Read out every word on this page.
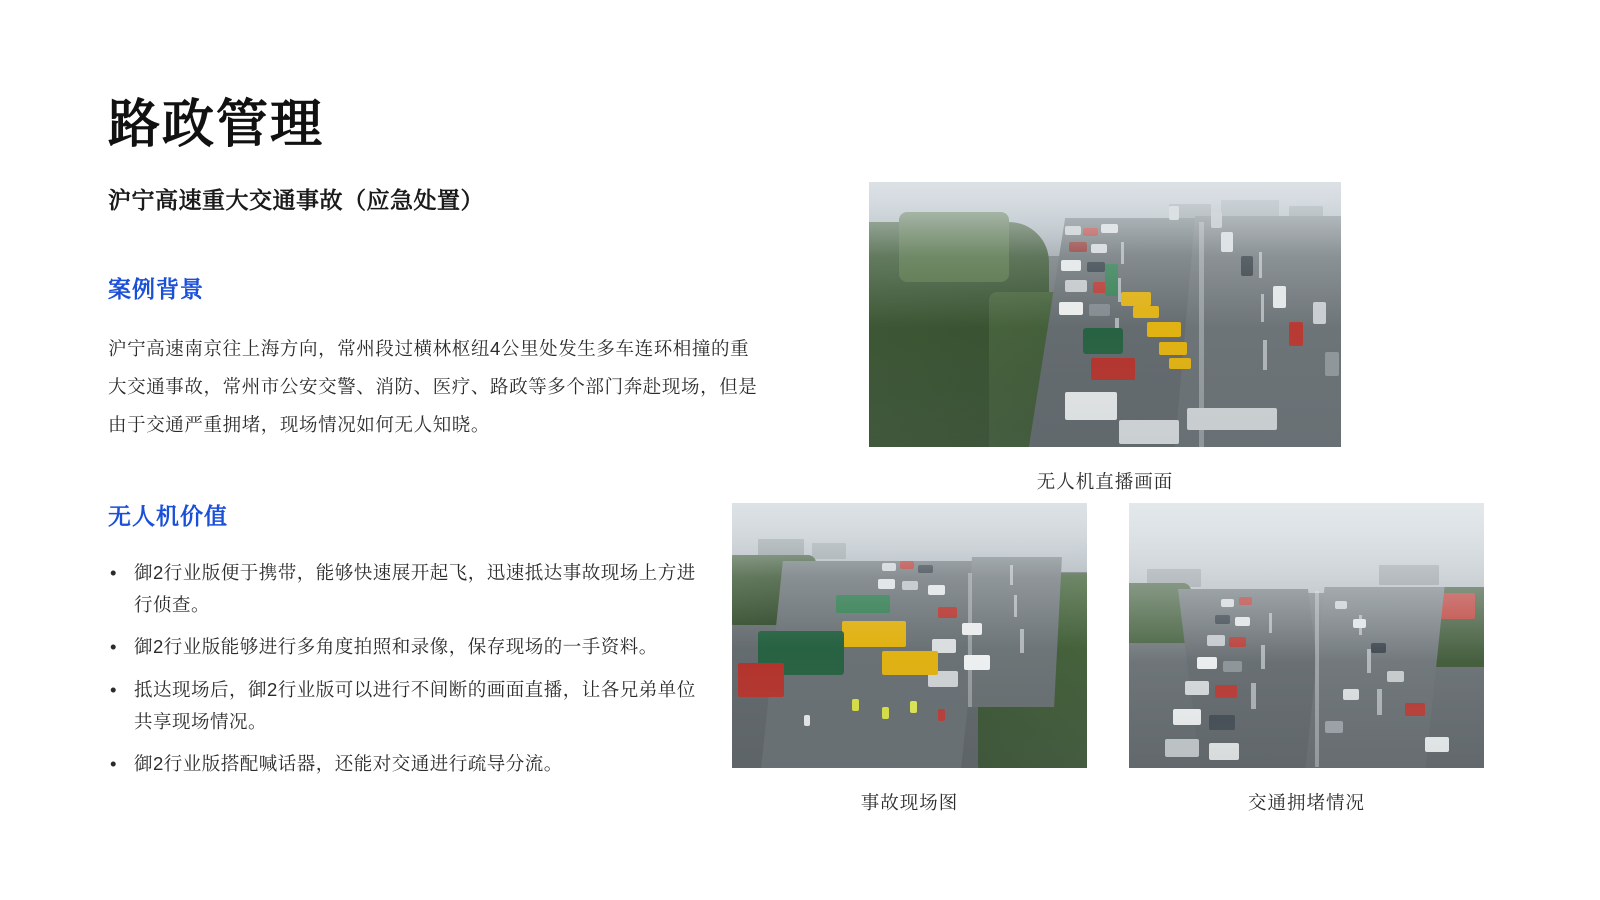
路政管理
沪宁高速重大交通事故（应急处置）
案例背景

沪宁高速南京往上海方向，常州段过横林枢纽4公里处发生多车连环相撞的重大交通事故，常州市公安交警、消防、医疗、路政等多个部门奔赴现场，但是由于交通严重拥堵，现场情况如何无人知晓。

无人机价值
• 御2行业版便于携带，能够快速展开起飞，迅速抵达事故现场上方进行侦查。
• 御2行业版能够进行多角度拍照和录像，保存现场的一手资料。
• 抵达现场后，御2行业版可以进行不间断的画面直播，让各兄弟单位共享现场情况。
• 御2行业版搭配喊话器，还能对交通进行疏导分流。
无人机直播画面
事故现场图	交通拥堵情况
